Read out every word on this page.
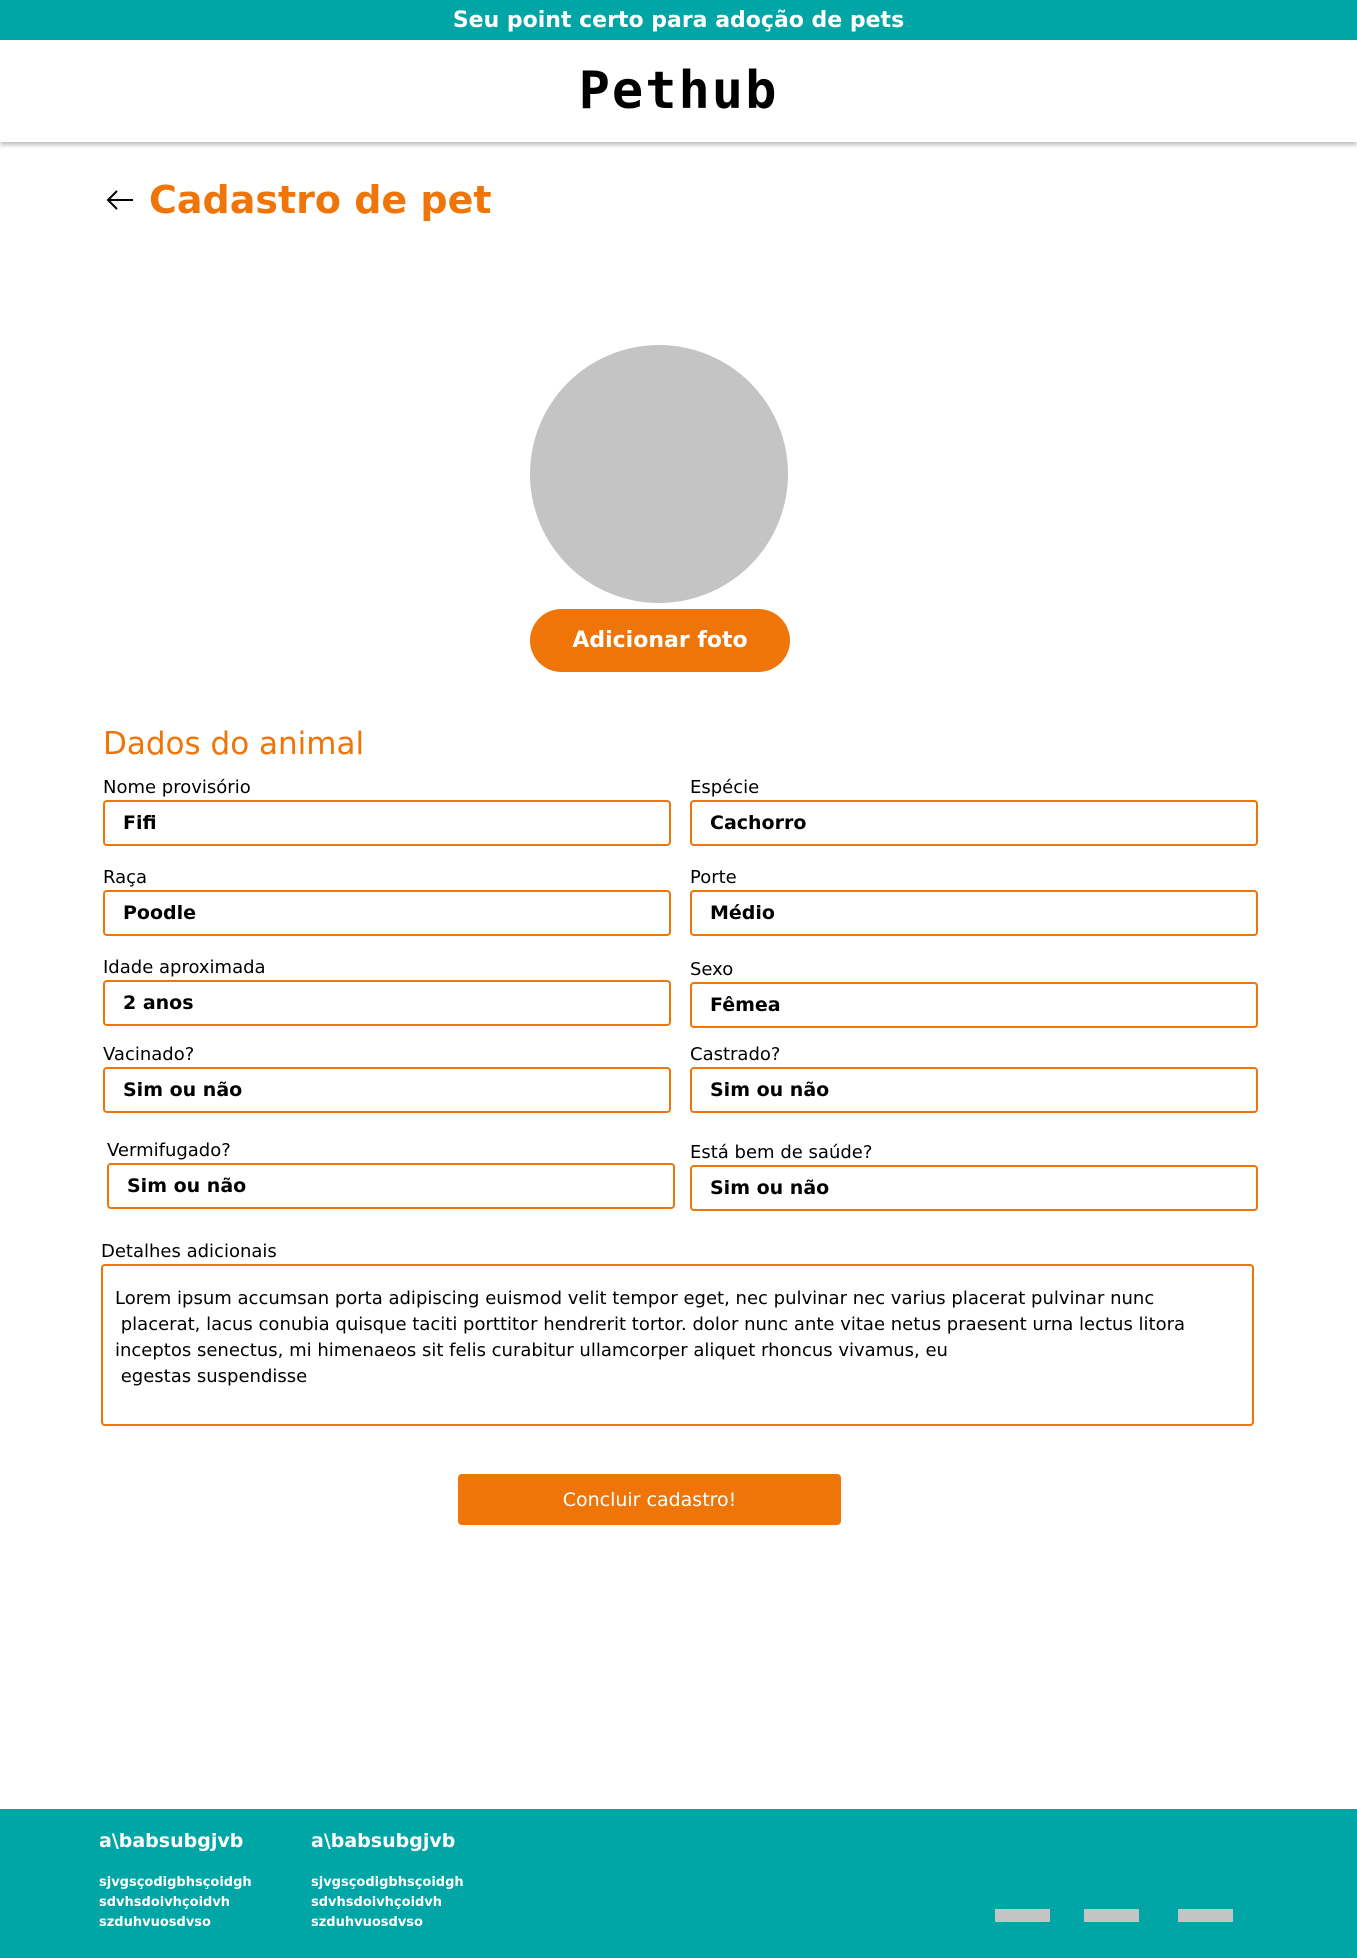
Seu point certo para adoção de pets
Pethub
Cadastro de pet
Adicionar foto
Dados do animal
Nome provisório
Fifi
Espécie
Cachorro
Raça
Poodle
Porte
Médio
Idade aproximada
2 anos
Sexo
Fêmea
Vacinado?
Sim ou não
Castrado?
Sim ou não
Vermifugado?
Sim ou não
Está bem de saúde?
Sim ou não
Detalhes adicionais
Lorem ipsum accumsan porta adipiscing euismod velit tempor eget, nec pulvinar nec varius placerat pulvinar nunc
placerat, lacus conubia quisque taciti porttitor hendrerit tortor. dolor nunc ante vitae netus praesent urna lectus litora
inceptos senectus, mi himenaeos sit felis curabitur ullamcorper aliquet rhoncus vivamus, eu
egestas suspendisse
Concluir cadastro!
a\babsubgjvb
sjvgsçodigbhsçoidgh
sdvhsdoivhçoidvh
szduhvuosdvso
a\babsubgjvb
sjvgsçodigbhsçoidgh
sdvhsdoivhçoidvh
szduhvuosdvso
